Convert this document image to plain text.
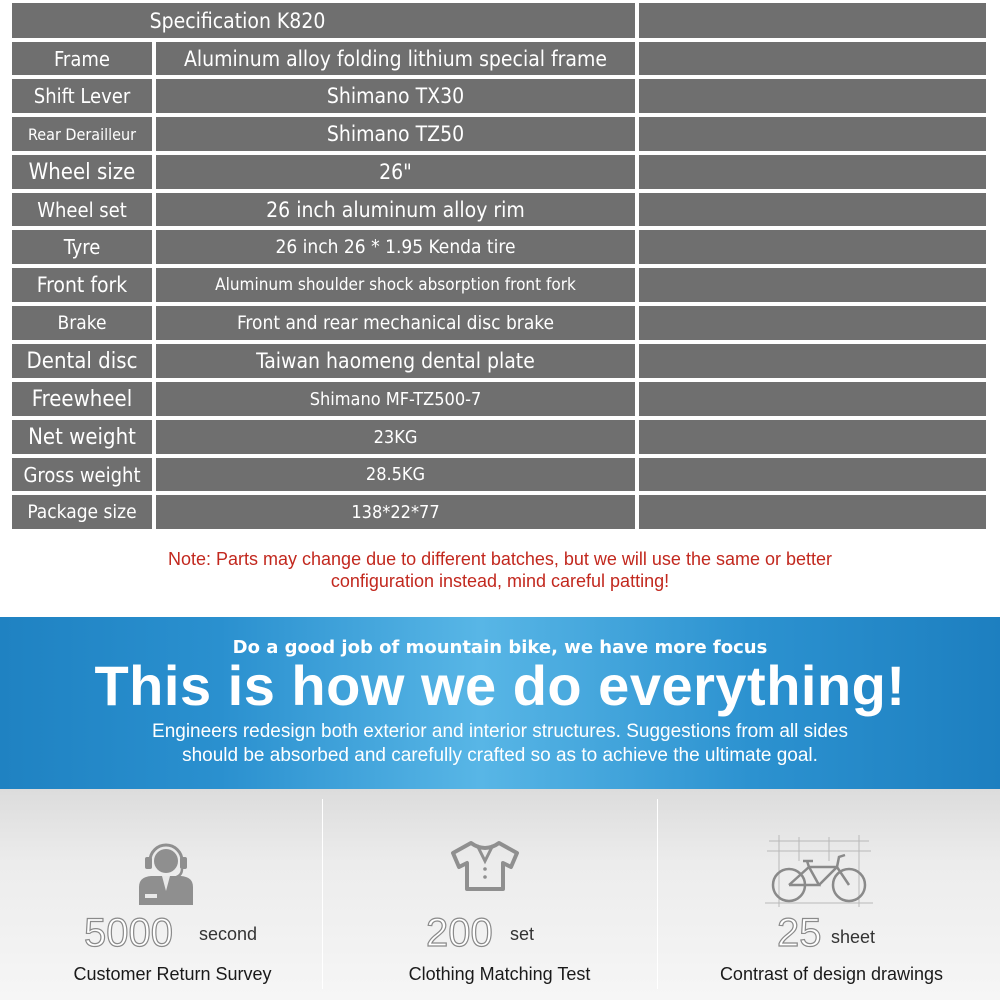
Specification K820
Frame	Aluminum alloy folding lithium special frame
Shift Lever	Shimano TX30
Rear Derailleur	Shimano TZ50
Wheel size	26"
Wheel set	26 inch aluminum alloy rim
Tyre	26 inch 26 * 1.95 Kenda tire
Front fork	Aluminum shoulder shock absorption front fork
Brake	Front and rear mechanical disc brake
Dental disc	Taiwan haomeng dental plate
Freewheel	Shimano MF-TZ500-7
Net weight	23KG
Gross weight	28.5KG
Package size	138*22*77
Note: Parts may change due to different batches, but we will use the same or better
configuration instead, mind careful patting!
Do a good job of mountain bike, we have more focus
This is how we do everything!
Engineers redesign both exterior and interior structures. Suggestions from all sides
should be absorbed and carefully crafted so as to achieve the ultimate goal.
5000 second
Customer Return Survey
200 set
Clothing Matching Test
25 sheet
Contrast of design drawings
